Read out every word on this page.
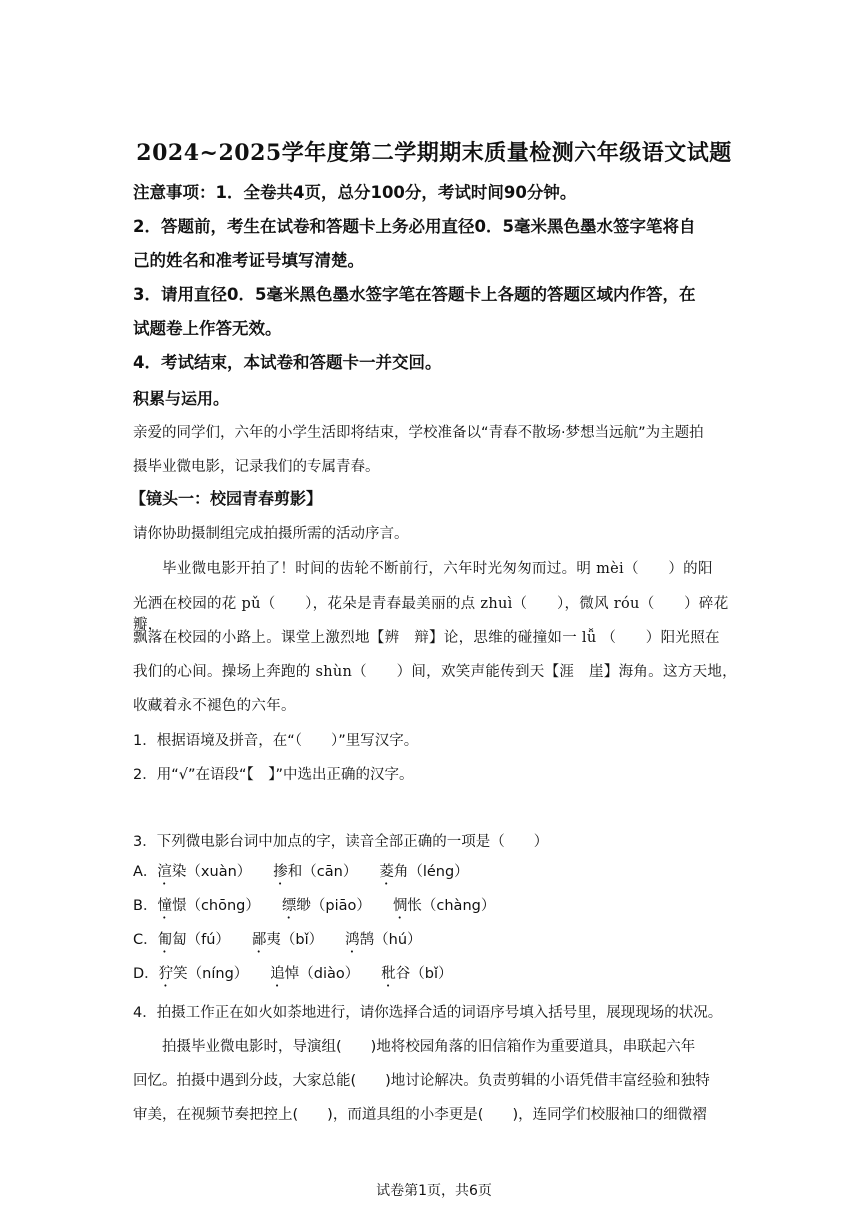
2024~2025学年度第二学期期末质量检测六年级语文试题
注意事项：1．全卷共4页，总分100分，考试时间90分钟。
2．答题前，考生在试卷和答题卡上务必用直径0．5毫米黑色墨水签字笔将自
己的姓名和准考证号填写清楚。
3．请用直径0．5毫米黑色墨水签字笔在答题卡上各题的答题区域内作答，在
试题卷上作答无效。
4．考试结束，本试卷和答题卡一并交回。
积累与运用。
亲爱的同学们，六年的小学生活即将结束，学校准备以“青春不散场·梦想当远航”为主题拍
摄毕业微电影，记录我们的专属青春。
【镜头一：校园青春剪影】
请你协助摄制组完成拍摄所需的活动序言。
毕业微电影开拍了！时间的齿轮不断前行，六年时光匆匆而过。明 mèi（　　）的阳
光洒在校园的花 pǔ（　　），花朵是青春最美丽的点 zhuì（　　），微风 róu（　　）碎花瓣，
飘落在校园的小路上。课堂上激烈地【辨　辩】论，思维的碰撞如一 lǚ （　　）阳光照在
我们的心间。操场上奔跑的 shùn（　　）间，欢笑声能传到天【涯　崖】海角。这方天地，
收藏着永不褪色的六年。
1．根据语境及拼音，在“（　　）”里写汉字。
2．用“√”在语段“【　】”中选出正确的汉字。
3．下列微电影台词中加点的字，读音全部正确的一项是（　　）
A．渲染（xuàn） 掺和（cān） 菱角（léng）
B．憧憬（chōng） 缥缈（piāo） 惆怅（chàng）
C．匍匐（fú） 鄙夷（bǐ） 鸿鹄（hú）
D．狞笑（níng） 追悼（diào） 秕谷（bǐ）
4．拍摄工作正在如火如荼地进行，请你选择合适的词语序号填入括号里，展现现场的状况。
拍摄毕业微电影时，导演组(　　)地将校园角落的旧信箱作为重要道具，串联起六年
回忆。拍摄中遇到分歧，大家总能(　　)地讨论解决。负责剪辑的小语凭借丰富经验和独特
审美，在视频节奏把控上(　　)，而道具组的小李更是(　　)，连同学们校服袖口的细微褶
试卷第1页，共6页
